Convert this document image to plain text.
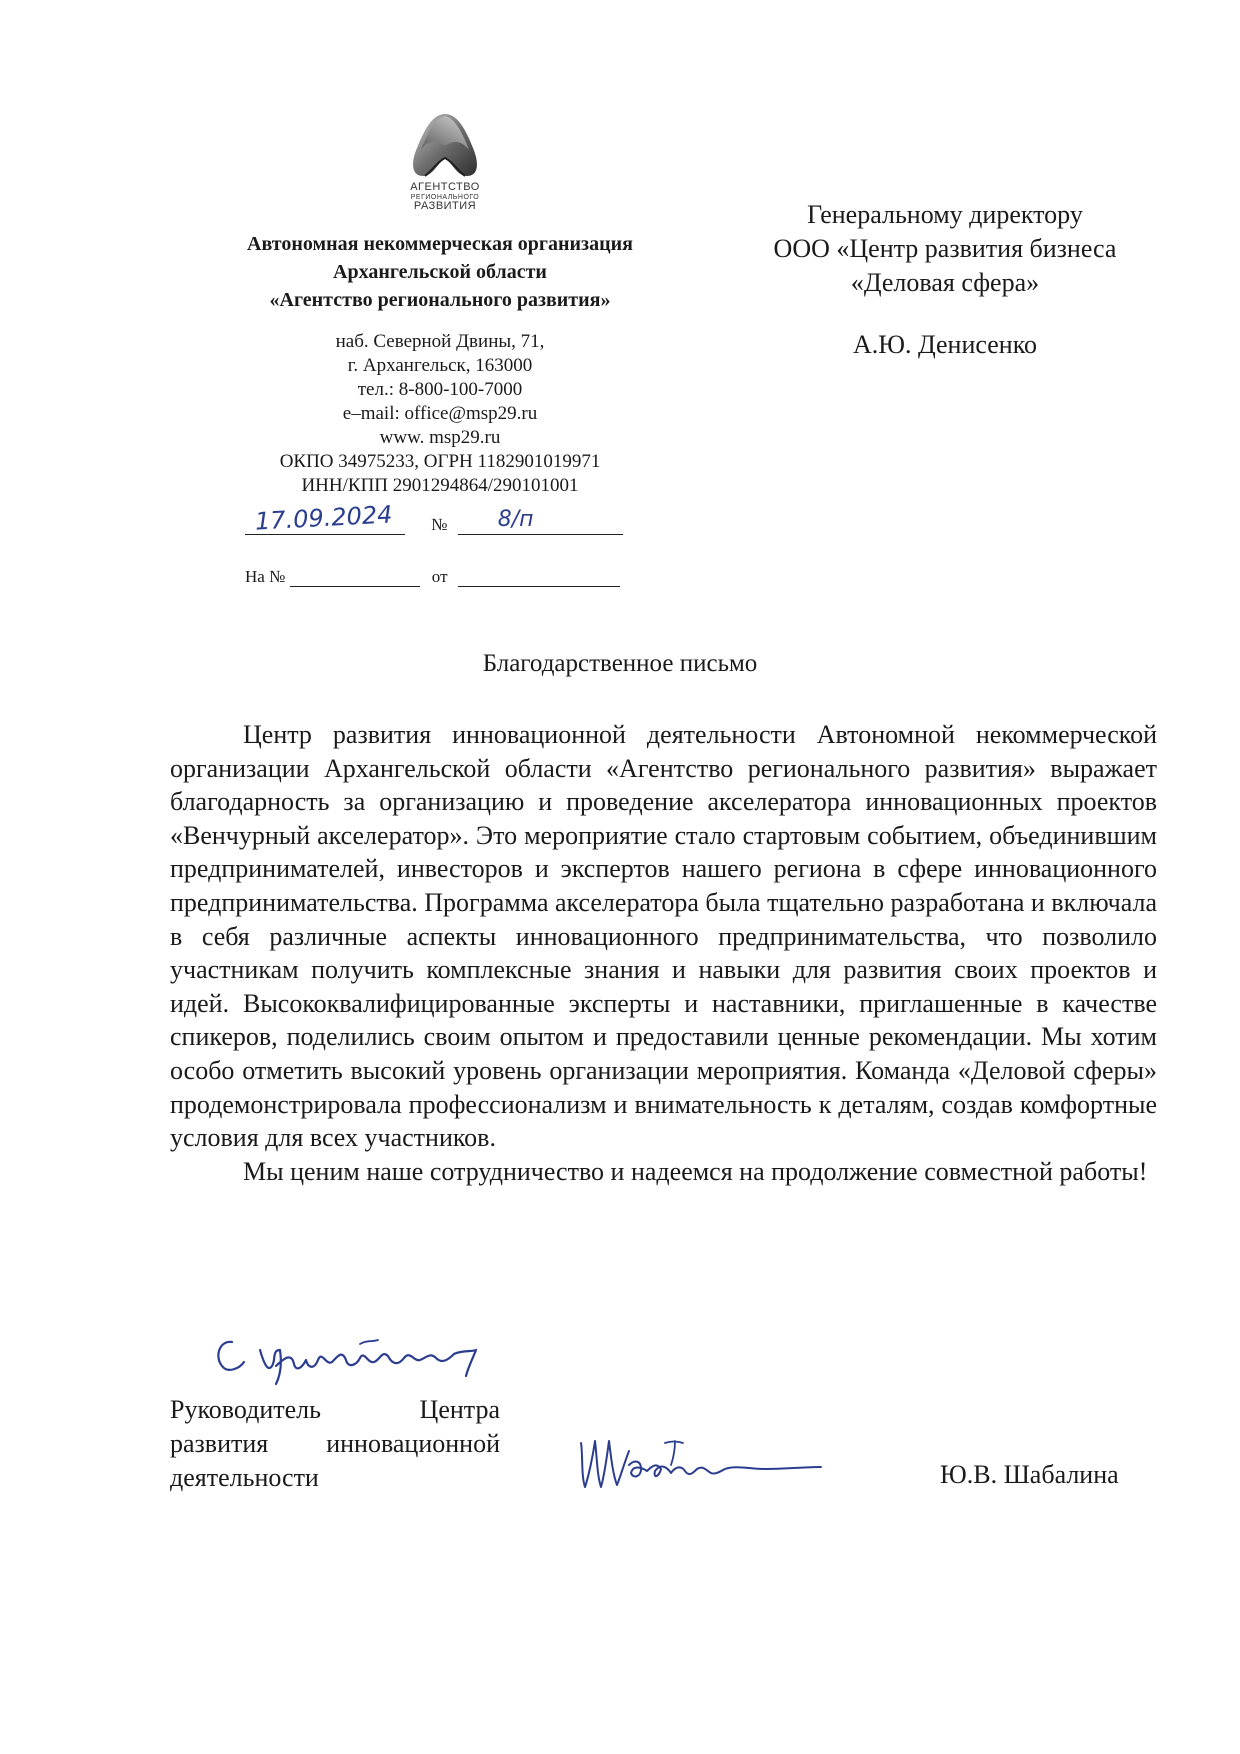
АГЕНТСТВО
РЕГИОНАЛЬНОГО
РАЗВИТИЯ
Автономная некоммерческая организация
Архангельской области
«Агентство регионального развития»
наб. Северной Двины, 71,
г. Архангельск, 163000
тел.: 8-800-100-7000
e–mail: office@msp29.ru
www. msp29.ru
ОКПО 34975233, ОГРН 1182901019971
ИНН/КПП 2901294864/290101001
17.09.2024 № 8/п
На №	от
Генеральному директору
ООО «Центр развития бизнеса
«Деловая сфера»
А.Ю. Денисенко
Благодарственное письмо

Центр развития инновационной деятельности Автономной некоммерческой организации Архангельской области «Агентство регионального развития» выражает благодарность за организацию и проведение акселератора инновационных проектов «Венчурный акселератор». Это мероприятие стало стартовым событием, объединившим предпринимателей, инвесторов и экспертов нашего региона в сфере инновационного предпринимательства. Программа акселератора была тщательно разработана и включала в себя различные аспекты инновационного предпринимательства, что позволило участникам получить комплексные знания и навыки для развития своих проектов и идей. Высококвалифицированные эксперты и наставники, приглашенные в качестве спикеров, поделились своим опытом и предоставили ценные рекомендации. Мы хотим особо отметить высокий уровень организации мероприятия. Команда «Деловой сферы» продемонстрировала профессионализм и внимательность к деталям, создав комфортные условия для всех участников.

Мы ценим наше сотрудничество и надеемся на продолжение совместной работы!

Руководитель Центра
развития инновационной
деятельности	Ю.В. Шабалина
